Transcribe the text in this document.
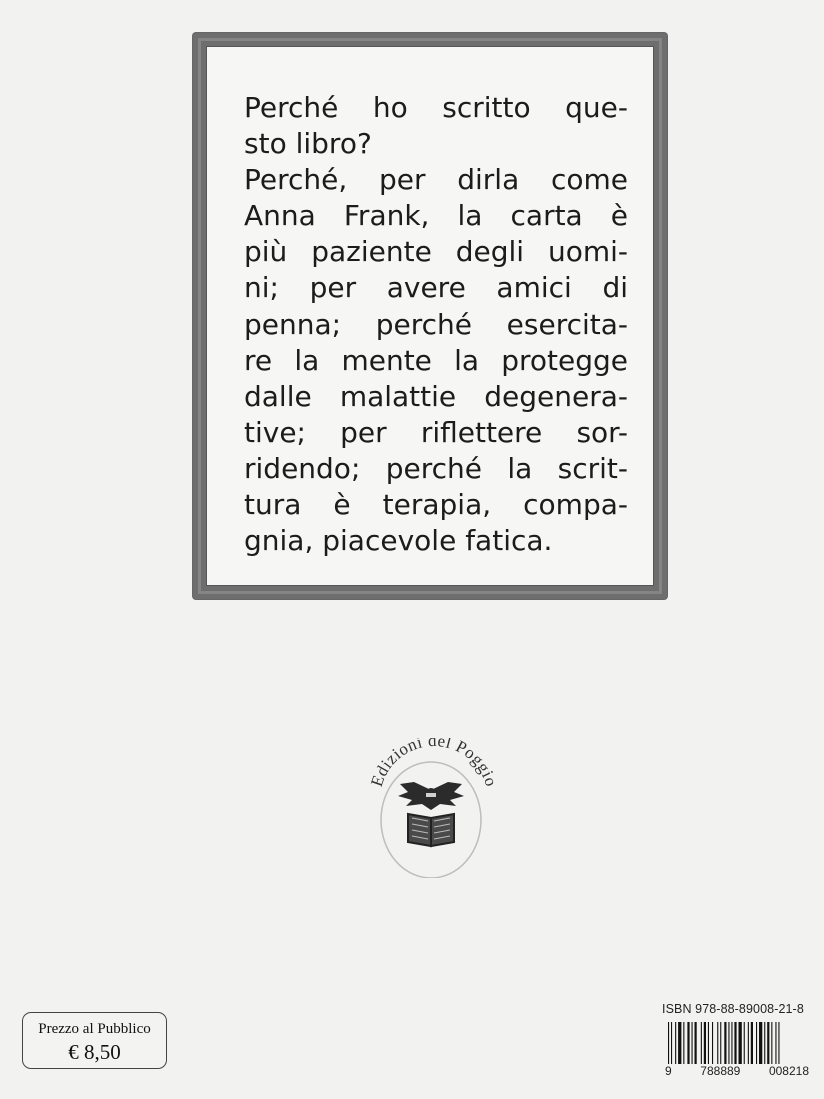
Perché ho scritto que-
sto libro?
Perché, per dirla come
Anna Frank, la carta è
più paziente degli uomi-
ni; per avere amici di
penna; perché esercita-
re la mente la protegge
dalle malattie degenera-
tive; per riflettere sor-
ridendo; perché la scrit-
tura è terapia, compa-
gnia, piacevole fatica.
Edizioni del Poggio
Prezzo al Pubblico
€ 8,50
ISBN 978-88-89008-21-8
9 788889 008218
